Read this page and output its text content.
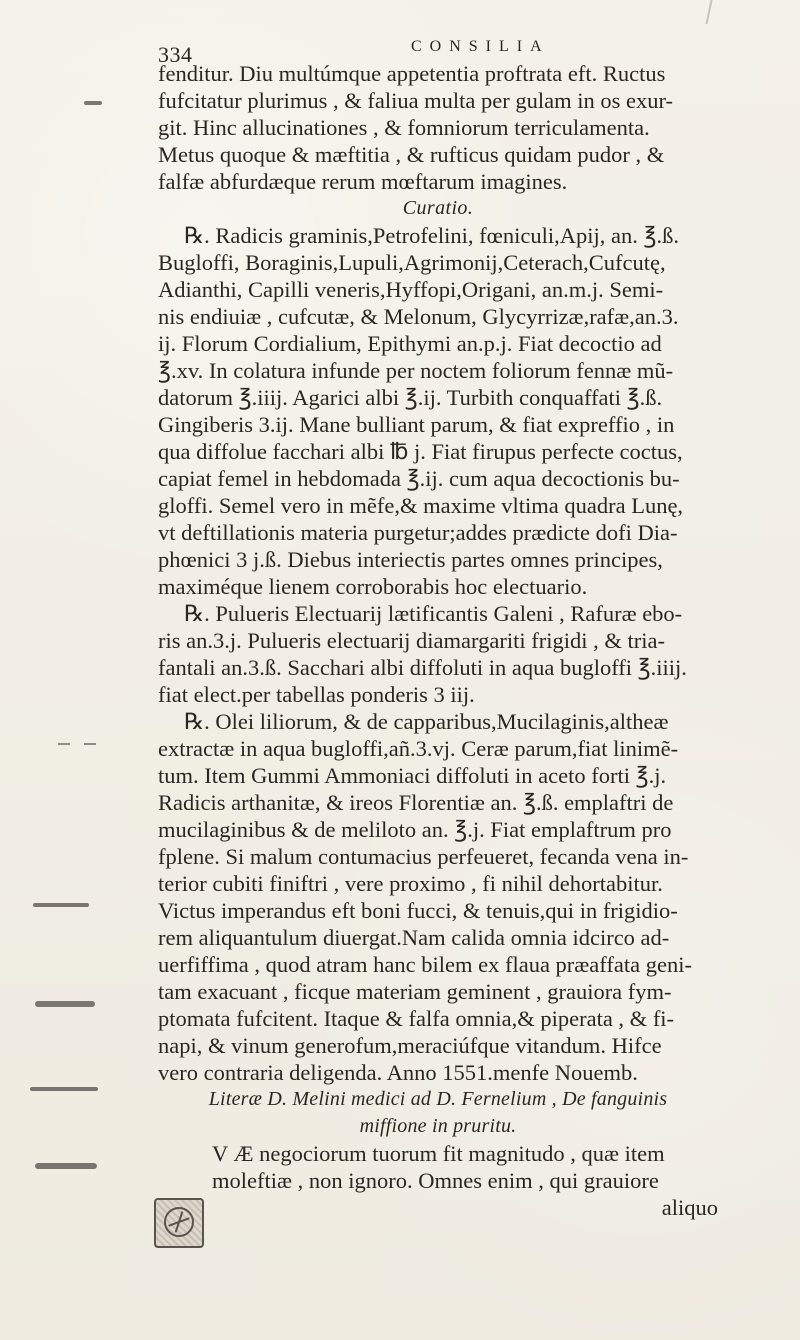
334	CONSILIA
fenditur. Diu multúmque appetentia proftrata eft. Ructus
fufcitatur plurimus , & faliua multa per gulam in os exur-
git. Hinc allucinationes , & fomniorum terriculamenta.
Metus quoque & mæftitia , & rufticus quidam pudor , &
falfæ abfurdæque rerum mœftarum imagines.
Curatio.
℞. Radicis graminis,Petrofelini, fœniculi,Apij, an. ℥.ß.
Bugloffi, Boraginis,Lupuli,Agrimonij,Ceterach,Cufcutę,
Adianthi, Capilli veneris,Hyffopi,Origani, an.m.j. Semi-
nis endiuiæ , cufcutæ, & Melonum, Glycyrrizæ,rafæ,an.3.
ij. Florum Cordialium, Epithymi an.p.j. Fiat decoctio ad
℥.xv. In colatura infunde per noctem foliorum fennæ mũ-
datorum ℥.iiij. Agarici albi ℥.ij. Turbith conquaffati ℥.ß.
Gingiberis 3.ij. Mane bulliant parum, & fiat expreffio , in
qua diffolue facchari albi ℔ j. Fiat firupus perfecte coctus,
capiat femel in hebdomada ℥.ij. cum aqua decoctionis bu-
gloffi. Semel vero in mẽfe,& maxime vltima quadra Lunę,
vt deftillationis materia purgetur;addes prædicte dofi Dia-
phœnici 3 j.ß. Diebus interiectis partes omnes principes,
maximéque lienem corroborabis hoc electuario.
℞. Pulueris Electuarij lætificantis Galeni , Rafuræ ebo-
ris an.3.j. Pulueris electuarij diamargariti frigidi , & tria-
fantali an.3.ß. Sacchari albi diffoluti in aqua bugloffi ℥.iiij.
fiat elect.per tabellas ponderis 3 iij.
℞. Olei liliorum, & de capparibus,Mucilaginis,altheæ
extractæ in aqua bugloffi,añ.3.vj. Ceræ parum,fiat linimẽ-
tum. Item Gummi Ammoniaci diffoluti in aceto forti ℥.j.
Radicis arthanitæ, & ireos Florentiæ an. ℥.ß. emplaftri de
mucilaginibus & de meliloto an. ℥.j. Fiat emplaftrum pro
fplene. Si malum contumacius perfeueret, fecanda vena in-
terior cubiti finiftri , vere proximo , fi nihil dehortabitur.
Victus imperandus eft boni fucci, & tenuis,qui in frigidio-
rem aliquantulum diuergat.Nam calida omnia idcirco ad-
uerfiffima , quod atram hanc bilem ex flaua præaffata geni-
tam exacuant , ficque materiam geminent , grauiora fym-
ptomata fufcitent. Itaque & falfa omnia,& piperata , & fi-
napi, & vinum generofum,meraciúfque vitandum. Hifce
vero contraria deligenda. Anno 1551.menfe Nouemb.
Literæ D. Melini medici ad D. Fernelium , De fanguinis
miffione in pruritu.
V Æ negociorum tuorum fit magnitudo , quæ item
moleftiæ , non ignoro. Omnes enim , qui grauiore
aliquo
